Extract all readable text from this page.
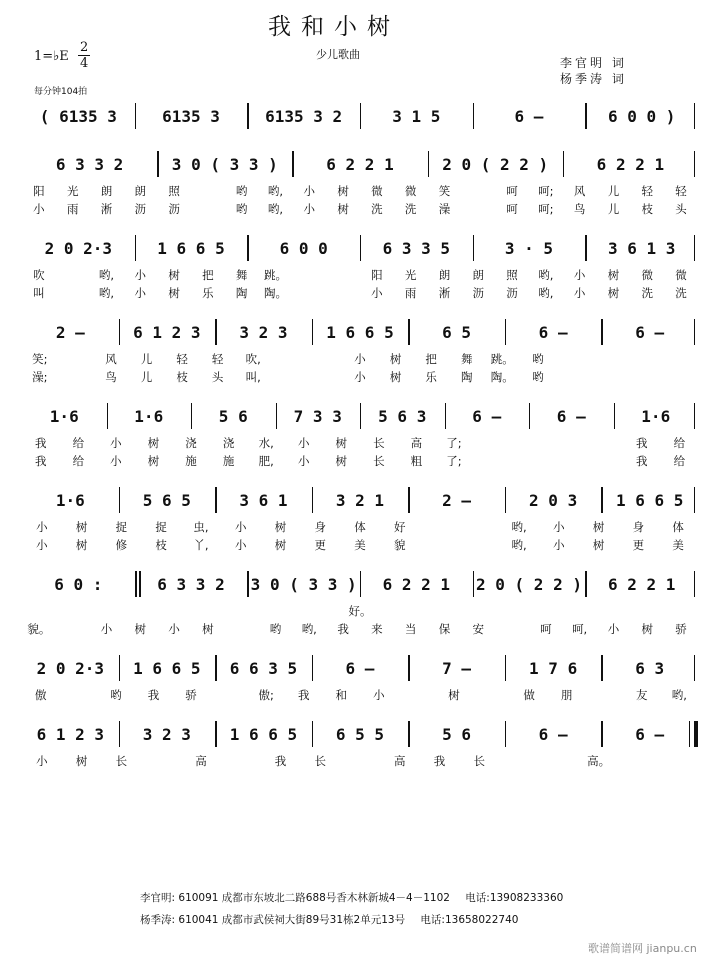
我和小树
少儿歌曲
1=♭E
2
4
每分钟104拍
李官明 词
杨季涛 词
( 6135 3	6135 3	6135 3 2	3 1 5	6 –	6 0 0 )
6 3 3 2	3 0 ( 3 3 )	6 2 2 1	2 0 ( 2 2 )	6 2 2 1
阳	光	朗	朗	照	哟	哟,	小	树	微	微	笑	呵	呵;	风	儿	轻	轻
小	雨	淅	沥	沥	哟	哟,	小	树	洗	洗	澡	呵	呵;	鸟	儿	枝	头
2 0 2·3	1 6 6 5	6 0 0	6 3 3 5	3 · 5	3 6 1 3
吹	哟,	小	树	把	舞	跳。	阳	光	朗	朗	照	哟,	小	树	微	微
叫	哟,	小	树	乐	陶	陶。	小	雨	淅	沥	沥	哟,	小	树	洗	洗
2 –	6 1 2 3	3 2 3	1 6 6 5	6 5	6 –	6 –
笑;	风	儿	轻	轻	吹,	小	树	把	舞	跳。	哟
澡;	鸟	儿	枝	头	叫,	小	树	乐	陶	陶。	哟
1·6	1·6	5 6	7 3 3	5 6 3	6 –	6 –	1·6
我	给	小	树	浇	浇	水,	小	树	长	高	了;	我	给
我	给	小	树	施	施	肥,	小	树	长	粗	了;	我	给
1·6	5 6 5	3 6 1	3 2 1	2 –	2 0 3	1 6 6 5
小	树	捉	捉	虫,	小	树	身	体	好	哟,	小	树	身	体
小	树	修	枝	丫,	小	树	更	美	貌	哟,	小	树	更	美
6 0 :	6 3 3 2	3 0 ( 3 3 )	6 2 2 1	2 0 ( 2 2 )	6 2 2 1
好。
貌。	小	树	小	树	哟	哟,	我	来	当	保	安	呵	呵,	小	树	骄
2 0 2·3	1 6 6 5	6 6 3 5	6 –	7 –	1 7 6	6 3
傲	哟	我	骄	傲;	我	和	小	树	做	朋	友	哟,
6 1 2 3	3 2 3	1 6 6 5	6 5 5	5 6	6 –	6 –
小	树	长	高	我	长	高	我	长	高。
李官明: 610091 成都市东坡北二路688号香木林新城4－4－1102 电话:13908233360
杨季涛: 610041 成都市武侯祠大街89号31栋2单元13号 电话:13658022740
歌谱简谱网 jianpu.cn
